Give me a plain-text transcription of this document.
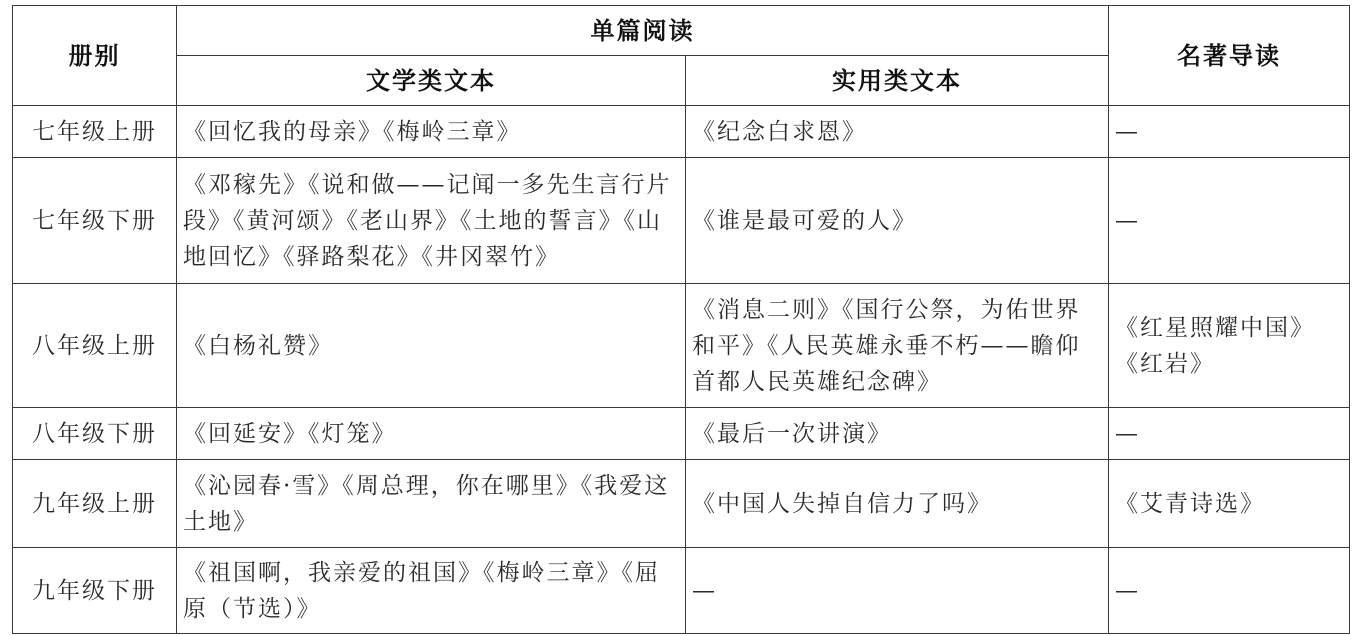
册别	单篇阅读		名著导读
	文学类文本	实用类文本	
七年级上册	《回忆我的母亲》《梅岭三章》	《纪念白求恩》	—
七年级下册	《邓稼先》《说和做——记闻一多先生言行片段》《黄河颂》《老山界》《土地的誓言》《山地回忆》《驿路梨花》《井冈翠竹》	《谁是最可爱的人》	—
八年级上册	《白杨礼赞》	《消息二则》《国行公祭，为佑世界和平》《人民英雄永垂不朽——瞻仰首都人民英雄纪念碑》	《红星照耀中国》《红岩》
八年级下册	《回延安》《灯笼》	《最后一次讲演》	—
九年级上册	《沁园春·雪》《周总理，你在哪里》《我爱这土地》	《中国人失掉自信力了吗》	《艾青诗选》
九年级下册	《祖国啊，我亲爱的祖国》《梅岭三章》《屈原（节选）》	—	—
